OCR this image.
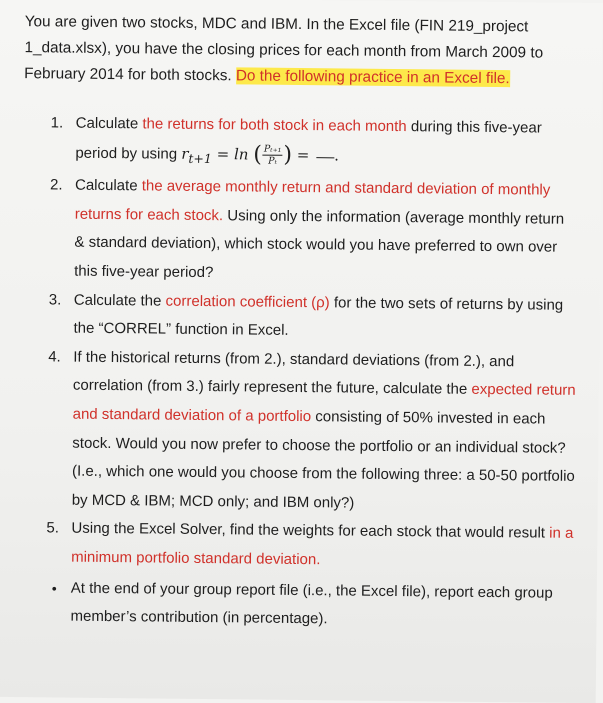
You are given two stocks, MDC and IBM. In the Excel file (FIN 219_project 1_data.xlsx), you have the closing prices for each month from March 2009 to February 2014 for both stocks. Do the following practice in an Excel file.
1. Calculate the returns for both stock in each month during this five-year period by using $r_{t+1} = \ln$ ( $\frac{\text{Pₜ₊₁}}{\text{Pₜ}}$ ) = .
2. Calculate the average monthly return and standard deviation of monthly returns for each stock. Using only the information (average monthly return & standard deviation), which stock would you have preferred to own over this five-year period?
3. Calculate the correlation coefficient (ρ) for the two sets of returns by using the “CORREL” function in Excel.
4. If the historical returns (from 2.), standard deviations (from 2.), and correlation (from 3.) fairly represent the future, calculate the expected return and standard deviation of a portfolio consisting of 50% invested in each stock. Would you now prefer to choose the portfolio or an individual stock? (I.e., which one would you choose from the following three: a 50-50 portfolio by MCD & IBM; MCD only; and IBM only?)
5. Using the Excel Solver, find the weights for each stock that would result in a minimum portfolio standard deviation.
• At the end of your group report file (i.e., the Excel file), report each group member’s contribution (in percentage).
